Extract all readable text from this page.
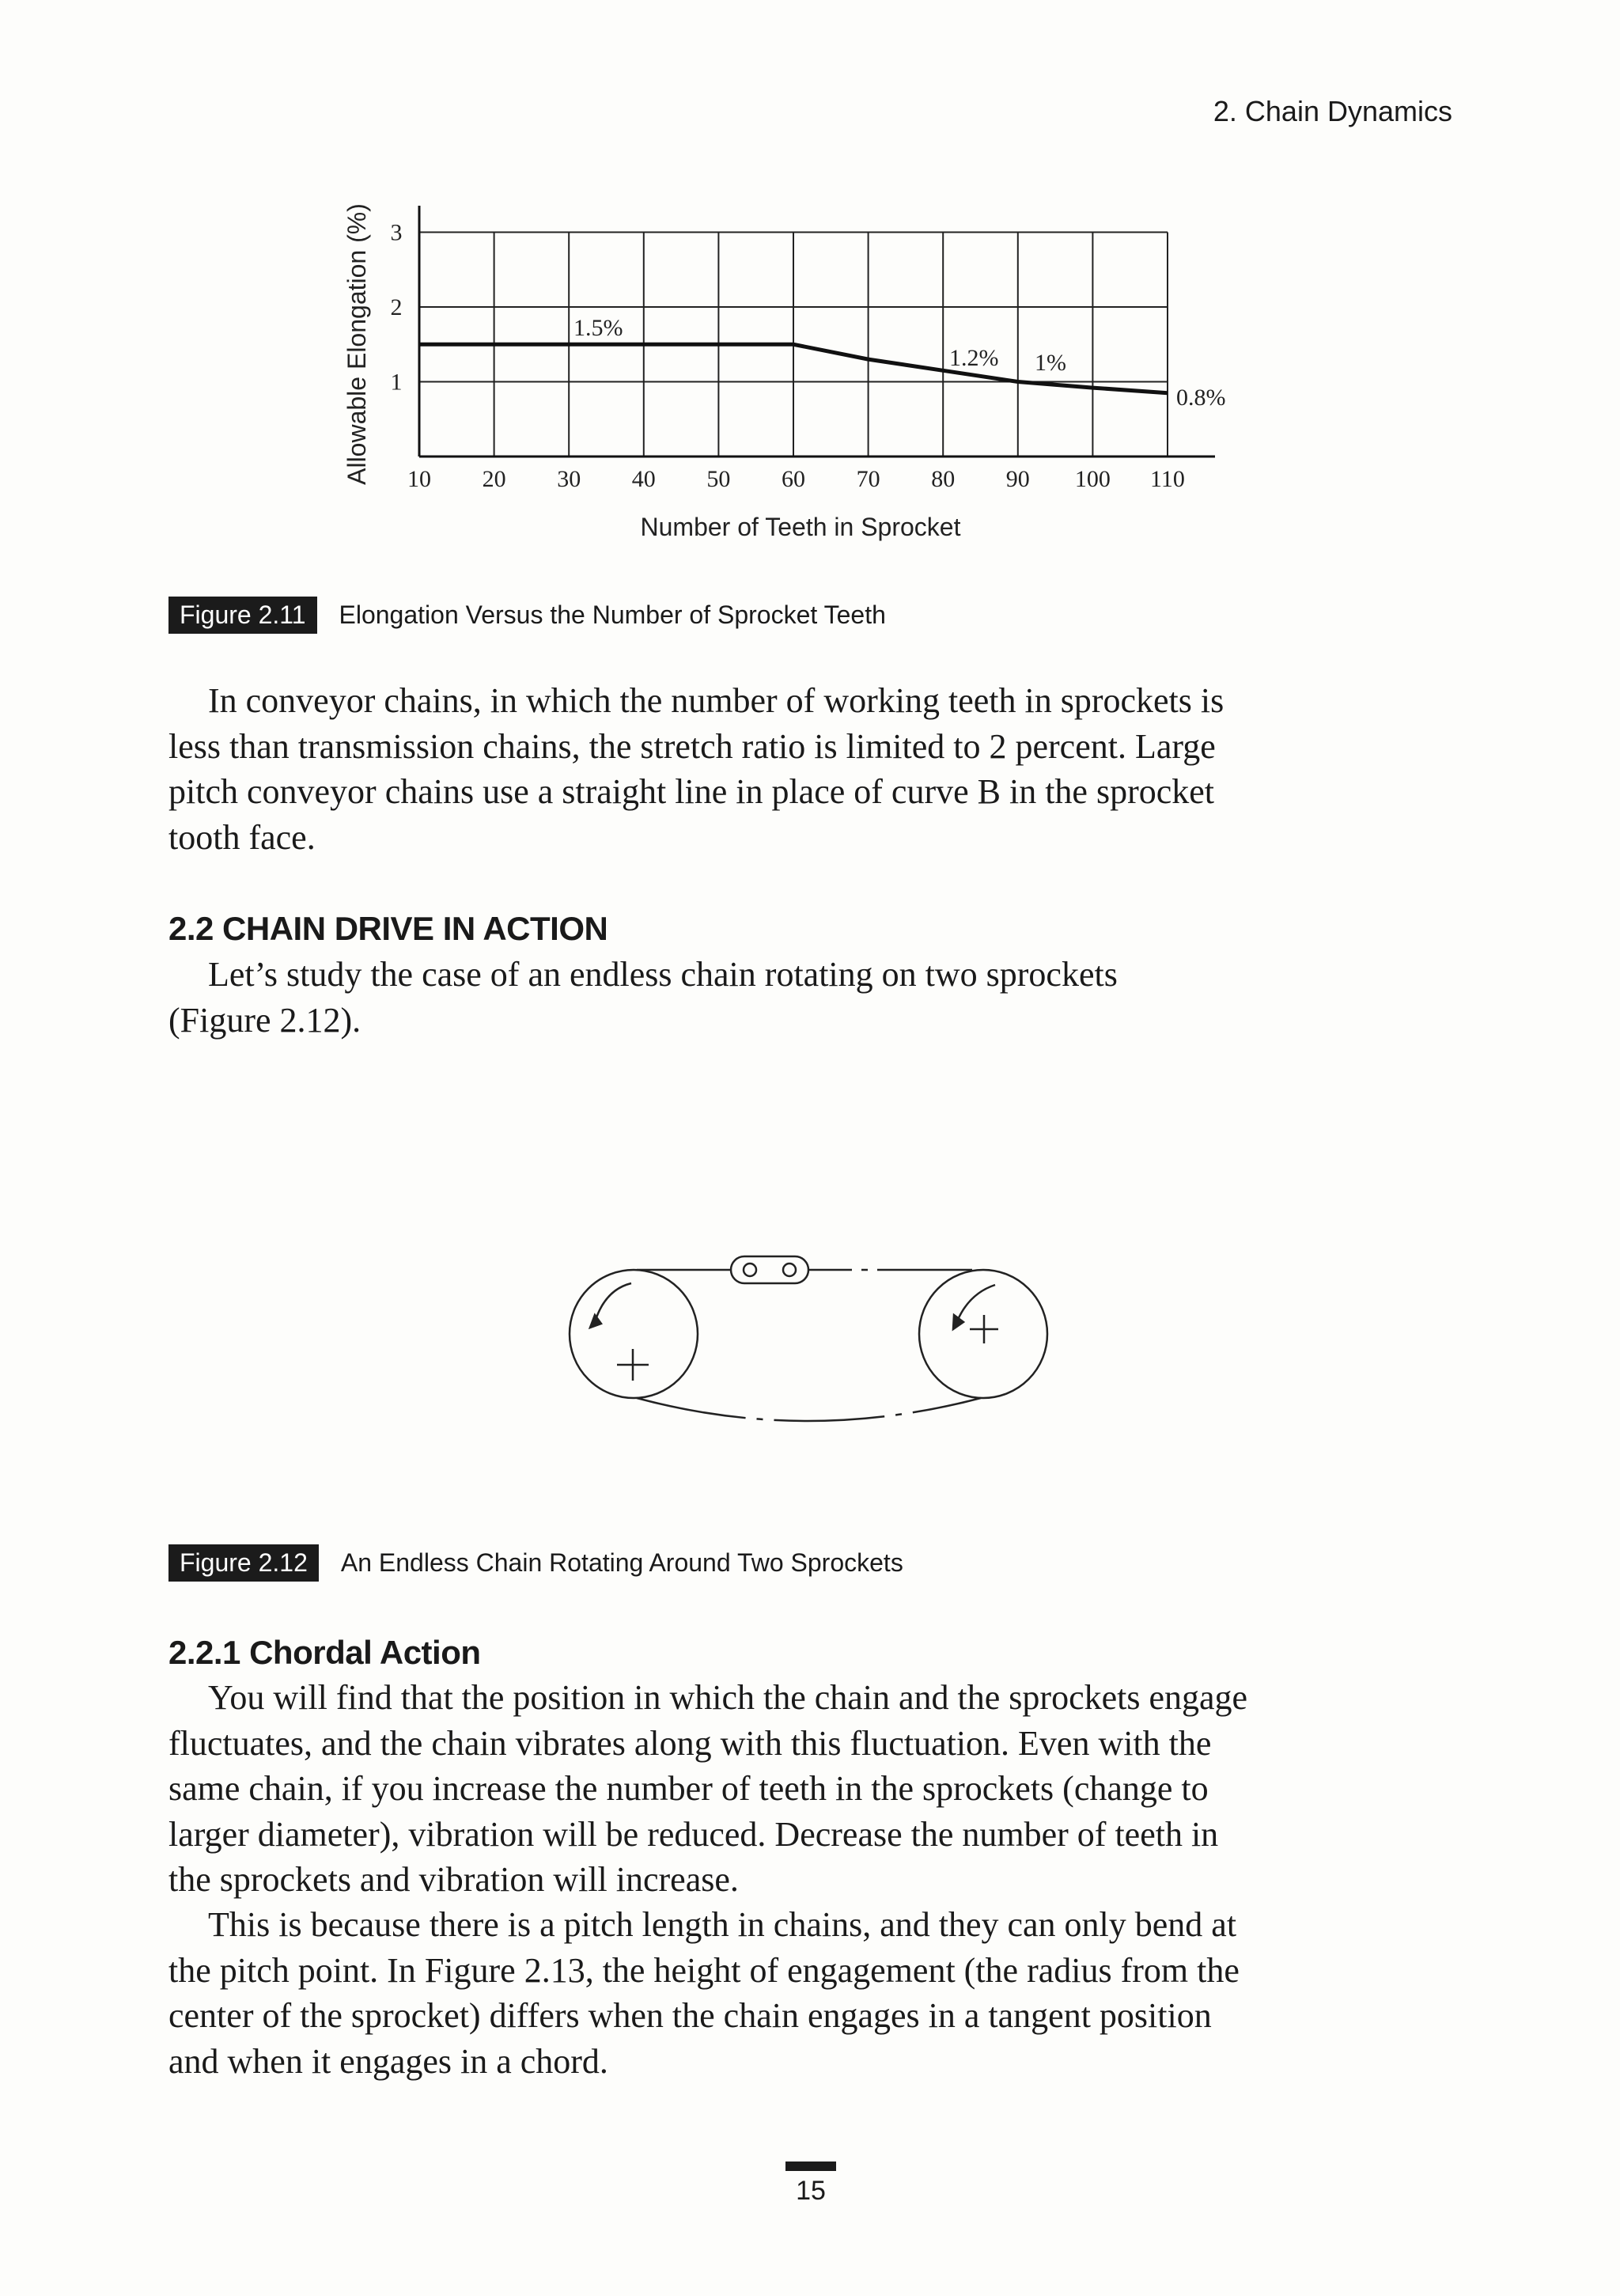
2. Chain Dynamics
10 20 30 40 50 60 70 80 90 100 110
1
2
3
1.5%
1.2% 1%
0.8%
Number of Teeth in Sprocket
Allowable Elongation (%)
Figure 2.11	Elongation Versus the Number of Sprocket Teeth

In conveyor chains, in which the number of working teeth in sprockets is
less than transmission chains, the stretch ratio is limited to 2 percent. Large
pitch conveyor chains use a straight line in place of curve B in the sprocket
tooth face.

2.2 CHAIN DRIVE IN ACTION

Let’s study the case of an endless chain rotating on two sprockets
(Figure 2.12).

Figure 2.12	An Endless Chain Rotating Around Two Sprockets
2.2.1 Chordal Action

You will find that the position in which the chain and the sprockets engage
fluctuates, and the chain vibrates along with this fluctuation. Even with the
same chain, if you increase the number of teeth in the sprockets (change to
larger diameter), vibration will be reduced. Decrease the number of teeth in
the sprockets and vibration will increase.

This is because there is a pitch length in chains, and they can only bend at
the pitch point. In Figure 2.13, the height of engagement (the radius from the
center of the sprocket) differs when the chain engages in a tangent position
and when it engages in a chord.

15
